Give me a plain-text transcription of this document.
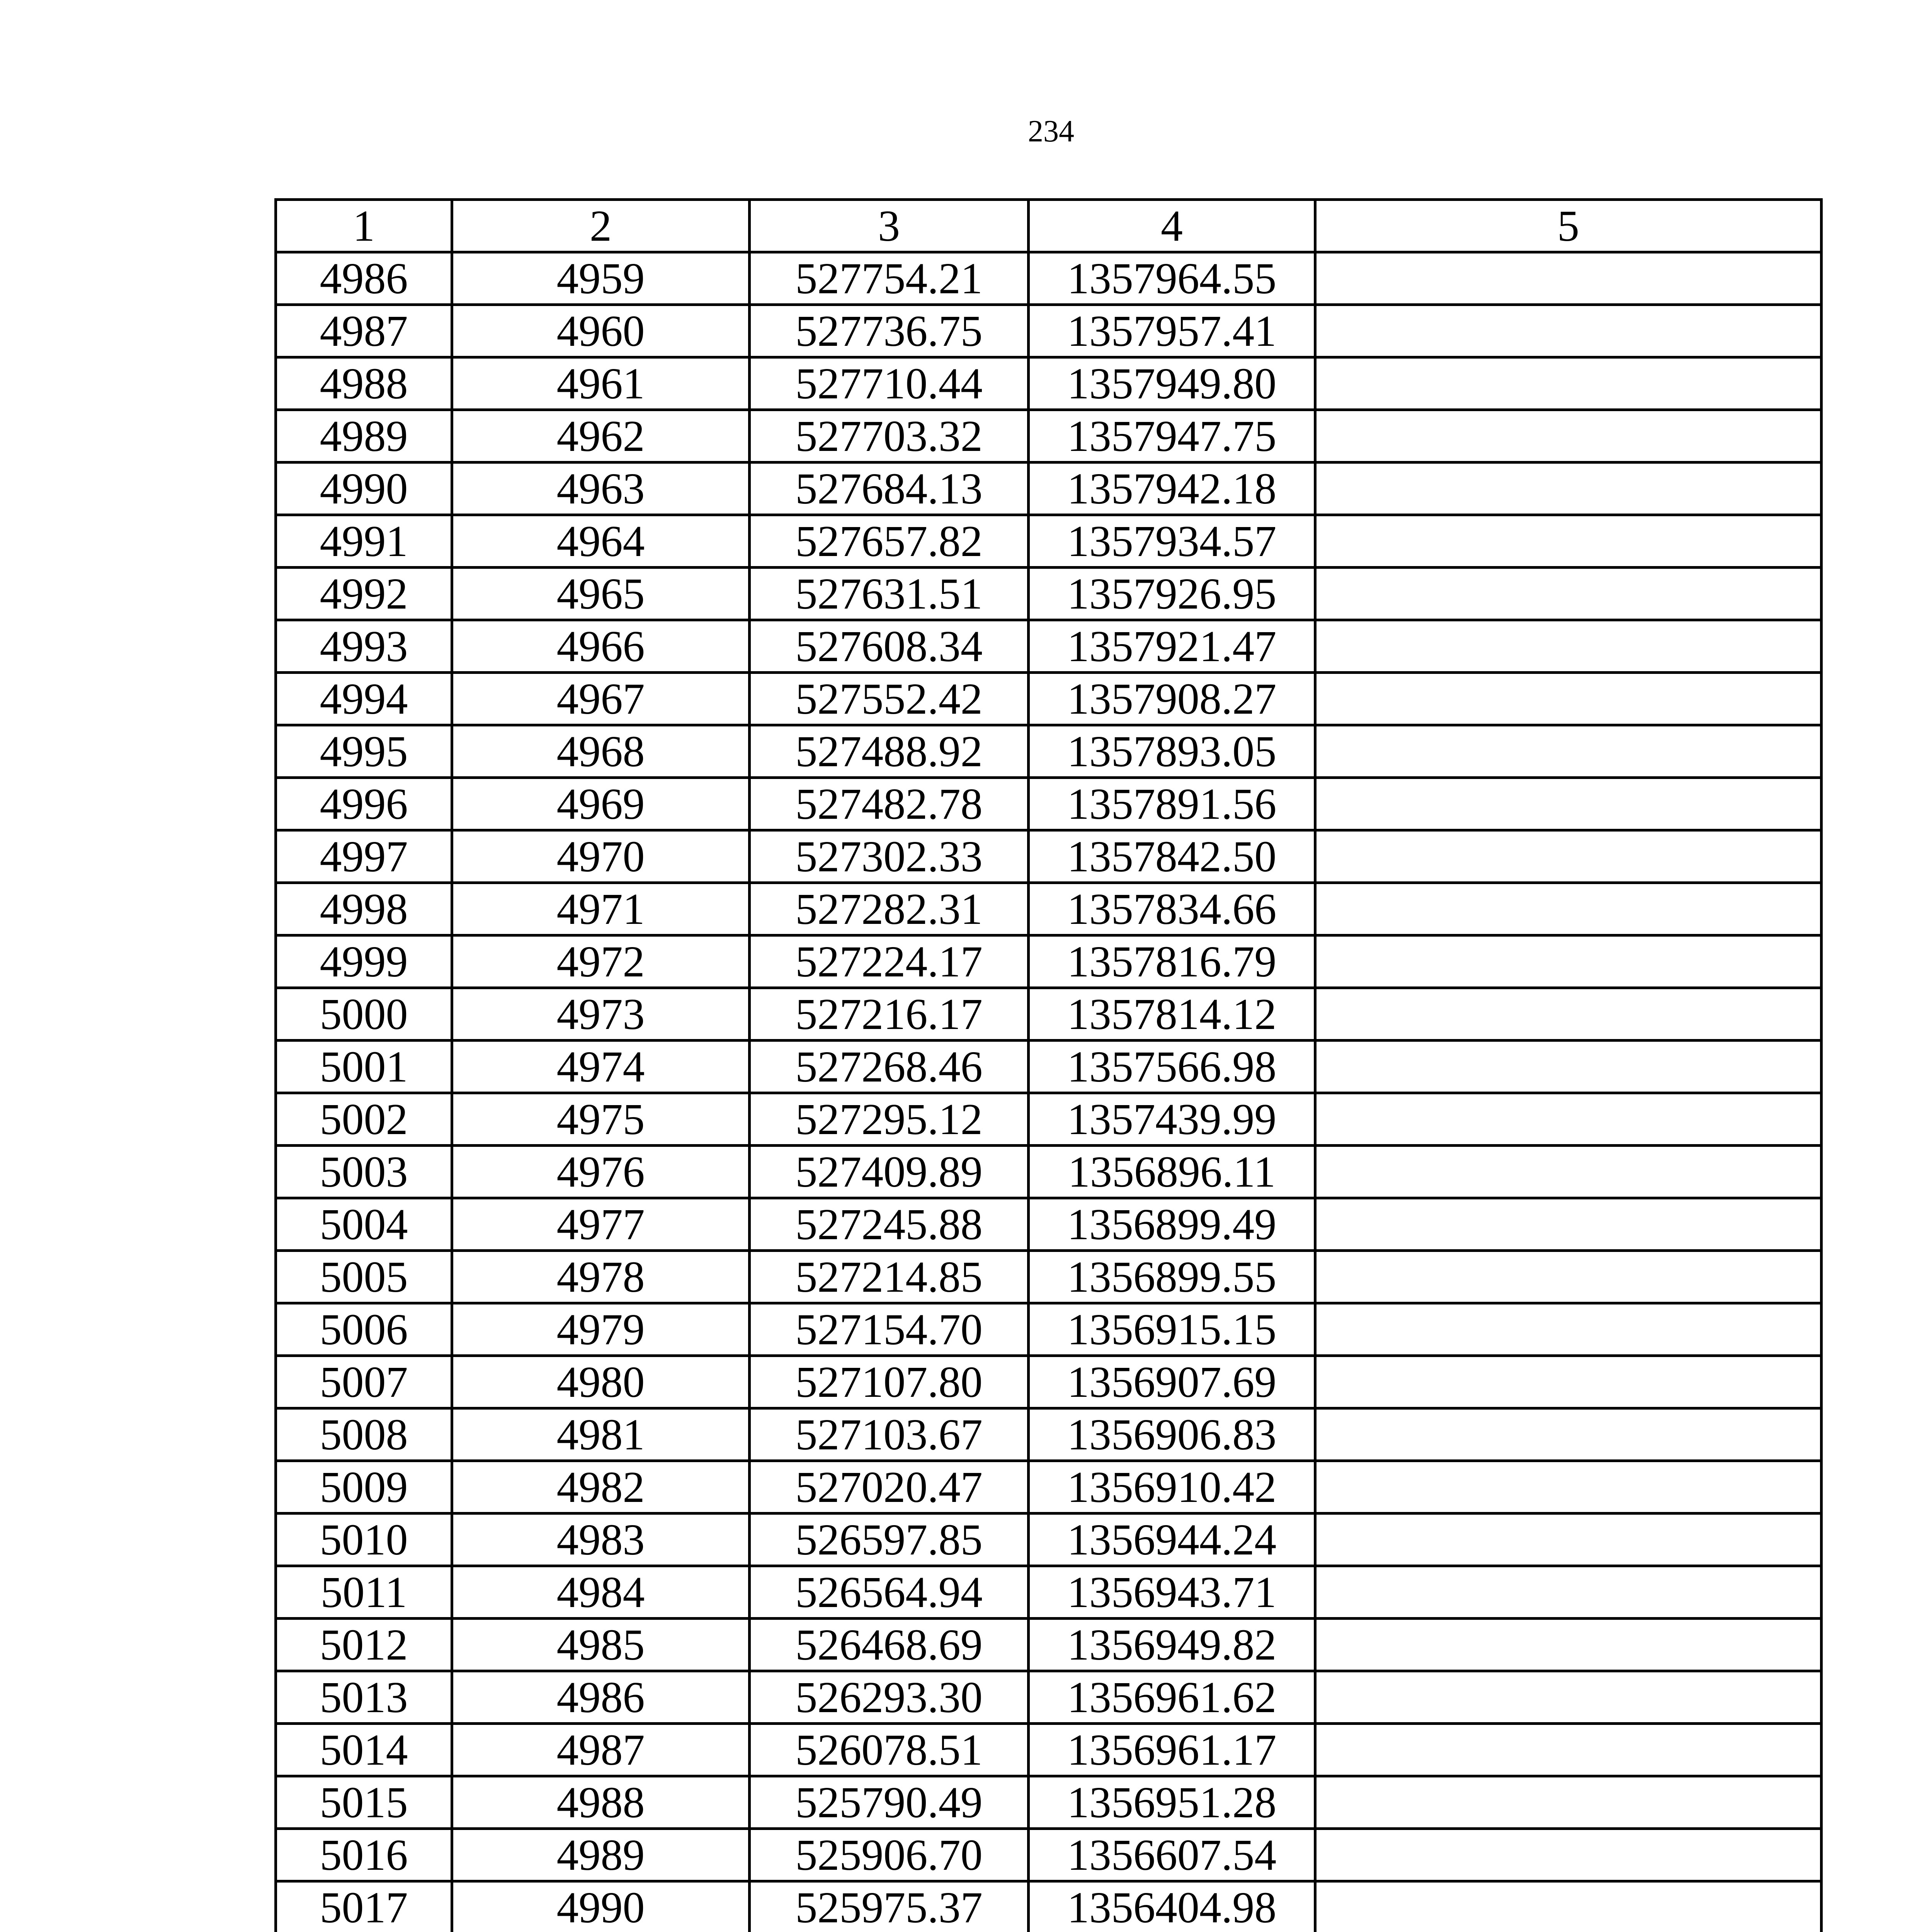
234
1	2	3	4	5
4986	4959	527754.21	1357964.55	
4987	4960	527736.75	1357957.41	
4988	4961	527710.44	1357949.80	
4989	4962	527703.32	1357947.75	
4990	4963	527684.13	1357942.18	
4991	4964	527657.82	1357934.57	
4992	4965	527631.51	1357926.95	
4993	4966	527608.34	1357921.47	
4994	4967	527552.42	1357908.27	
4995	4968	527488.92	1357893.05	
4996	4969	527482.78	1357891.56	
4997	4970	527302.33	1357842.50	
4998	4971	527282.31	1357834.66	
4999	4972	527224.17	1357816.79	
5000	4973	527216.17	1357814.12	
5001	4974	527268.46	1357566.98	
5002	4975	527295.12	1357439.99	
5003	4976	527409.89	1356896.11	
5004	4977	527245.88	1356899.49	
5005	4978	527214.85	1356899.55	
5006	4979	527154.70	1356915.15	
5007	4980	527107.80	1356907.69	
5008	4981	527103.67	1356906.83	
5009	4982	527020.47	1356910.42	
5010	4983	526597.85	1356944.24	
5011	4984	526564.94	1356943.71	
5012	4985	526468.69	1356949.82	
5013	4986	526293.30	1356961.62	
5014	4987	526078.51	1356961.17	
5015	4988	525790.49	1356951.28	
5016	4989	525906.70	1356607.54	
5017	4990	525975.37	1356404.98	
